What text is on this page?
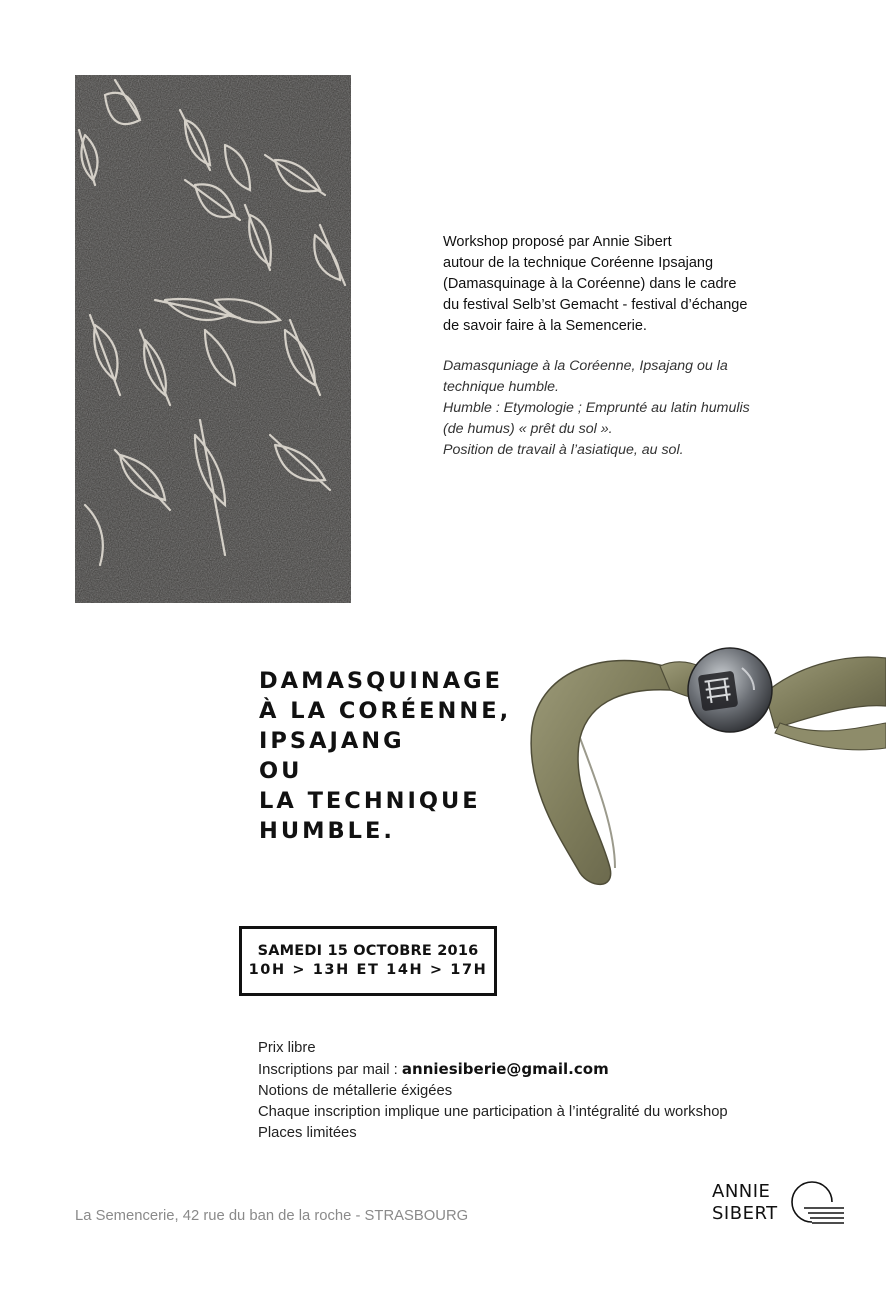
Workshop proposé par Annie Sibert

autour de la technique Coréenne Ipsajang

(Damasquinage à la Coréenne) dans le cadre

du festival Selb’st Gemacht - festival d’échange

de savoir faire à la Semencerie.

Damasquniage à la Coréenne, Ipsajang ou la

technique humble.

Humble : Etymologie ; Emprunté au latin humulis

(de humus) « prêt du sol ».

Position de travail à l’asiatique, au sol.

DAMASQUINAGE
À LA CORÉENNE,
IPSAJANG
OU
LA TECHNIQUE
HUMBLE.
SAMEDI 15 OCTOBRE 2016
10H > 13H ET 14H > 17H
Prix libre
Inscriptions par mail : anniesiberie@gmail.com
Notions de métallerie éxigées
Chaque inscription implique une participation à l’intégralité du workshop
Places limitées
La Semencerie, 42 rue du ban de la roche - STRASBOURG
ANNIE
SIBERT
